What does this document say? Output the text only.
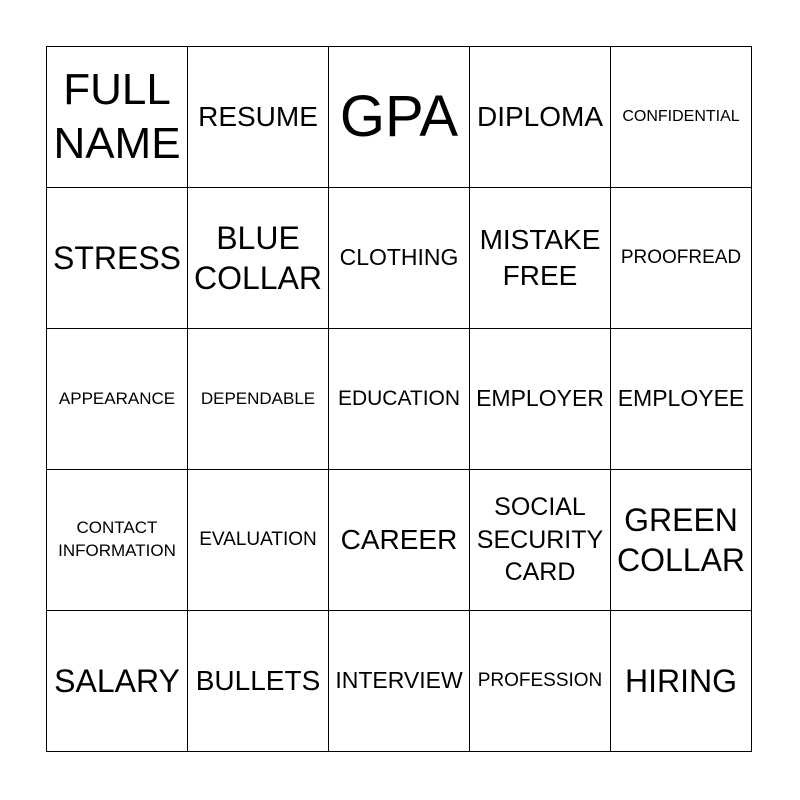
FULL
NAME
RESUME GPA DIPLOMA CONFIDENTIAL
STRESS
BLUE
COLLAR
CLOTHING
MISTAKE
FREE
PROOFREAD
APPEARANCE DEPENDABLE EDUCATION EMPLOYER EMPLOYEE
CONTACT
INFORMATION
EVALUATION CAREER
SOCIAL
SECURITY
CARD
GREEN
COLLAR
SALARY BULLETS INTERVIEW PROFESSION HIRING
